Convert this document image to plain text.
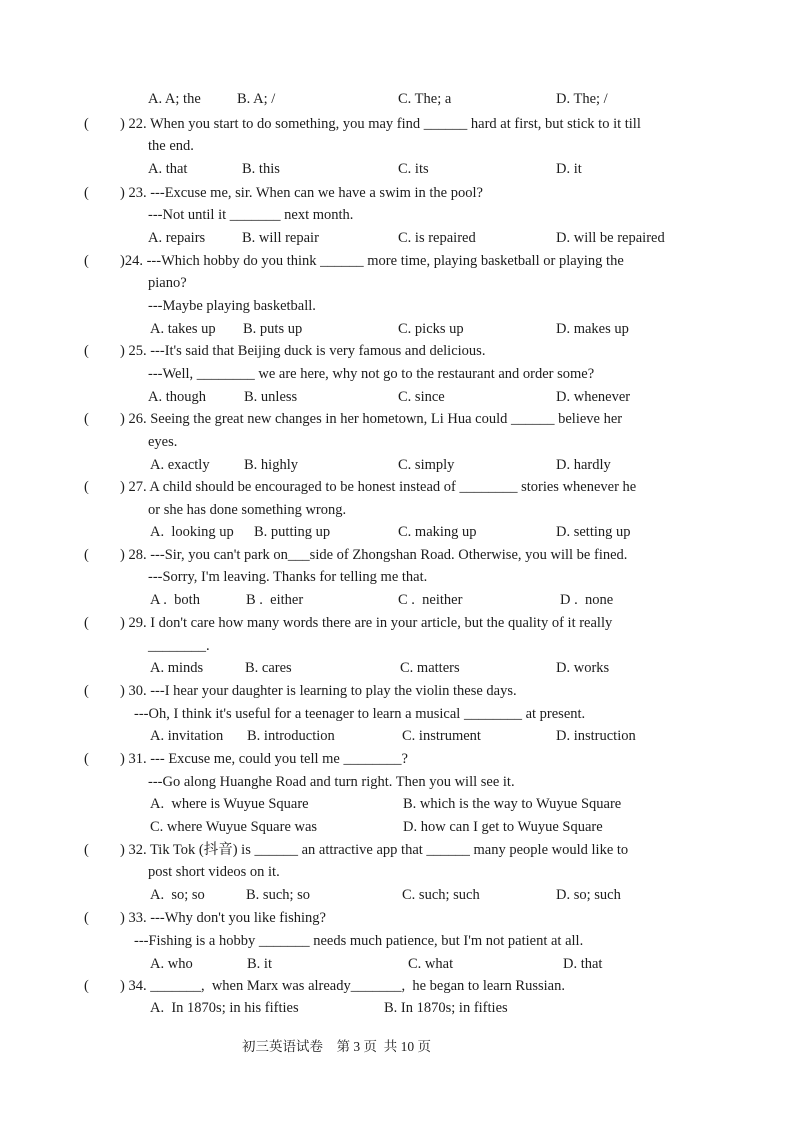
A. A; the B. A; /	C. The; a	D. The; /
( ) 22. When you start to do something, you may find ______ hard at first, but stick to it till
the end.
A. that	B. this	C. its	D. it
( ) 23. ---Excuse me, sir. When can we have a swim in the pool?
---Not until it _______ next month.
A. repairs	B. will repair	C. is repaired	D. will be repaired
( )24. ---Which hobby do you think ______ more time, playing basketball or playing the
piano?
---Maybe playing basketball.
A. takes up B. puts up	C. picks up	D. makes up
( ) 25. ---It's said that Beijing duck is very famous and delicious.
---Well, ________ we are here, why not go to the restaurant and order some?
A. though	B. unless	C. since	D. whenever
( ) 26. Seeing the great new changes in her hometown, Li Hua could ______ believe her
eyes.
A. exactly B. highly	C. simply	D. hardly
( ) 27. A child should be encouraged to be honest instead of ________ stories whenever he
or she has done something wrong.
A.  looking up B. putting up	C. making up	D. setting up
( ) 28. ---Sir, you can't park on___side of Zhongshan Road. Otherwise, you will be fined.
---Sorry, I'm leaving. Thanks for telling me that.
A .  both	B .  either	C .  neither	D .  none
( ) 29. I don't care how many words there are in your article, but the quality of it really
________.
A. minds	B. cares	C. matters	D. works
( ) 30. ---I hear your daughter is learning to play the violin these days.
---Oh, I think it's useful for a teenager to learn a musical ________ at present.
A. invitation B. introduction	C. instrument	D. instruction
( ) 31. --- Excuse me, could you tell me ________?
---Go along Huanghe Road and turn right. Then you will see it.
A.  where is Wuyue Square	B. which is the way to Wuyue Square
C. where Wuyue Square was	D. how can I get to Wuyue Square
( ) 32. Tik Tok (抖音) is ______ an attractive app that ______ many people would like to
post short videos on it.
A.  so; so	B. such; so	C. such; such	D. so; such
( ) 33. ---Why don't you like fishing?
---Fishing is a hobby _______ needs much patience, but I'm not patient at all.
A. who	B. it	C. what	D. that
( ) 34. _______,  when Marx was already_______,  he began to learn Russian.
A.  In 1870s; in his fifties	B. In 1870s; in fifties
初三英语试卷    第 3 页  共 10 页
